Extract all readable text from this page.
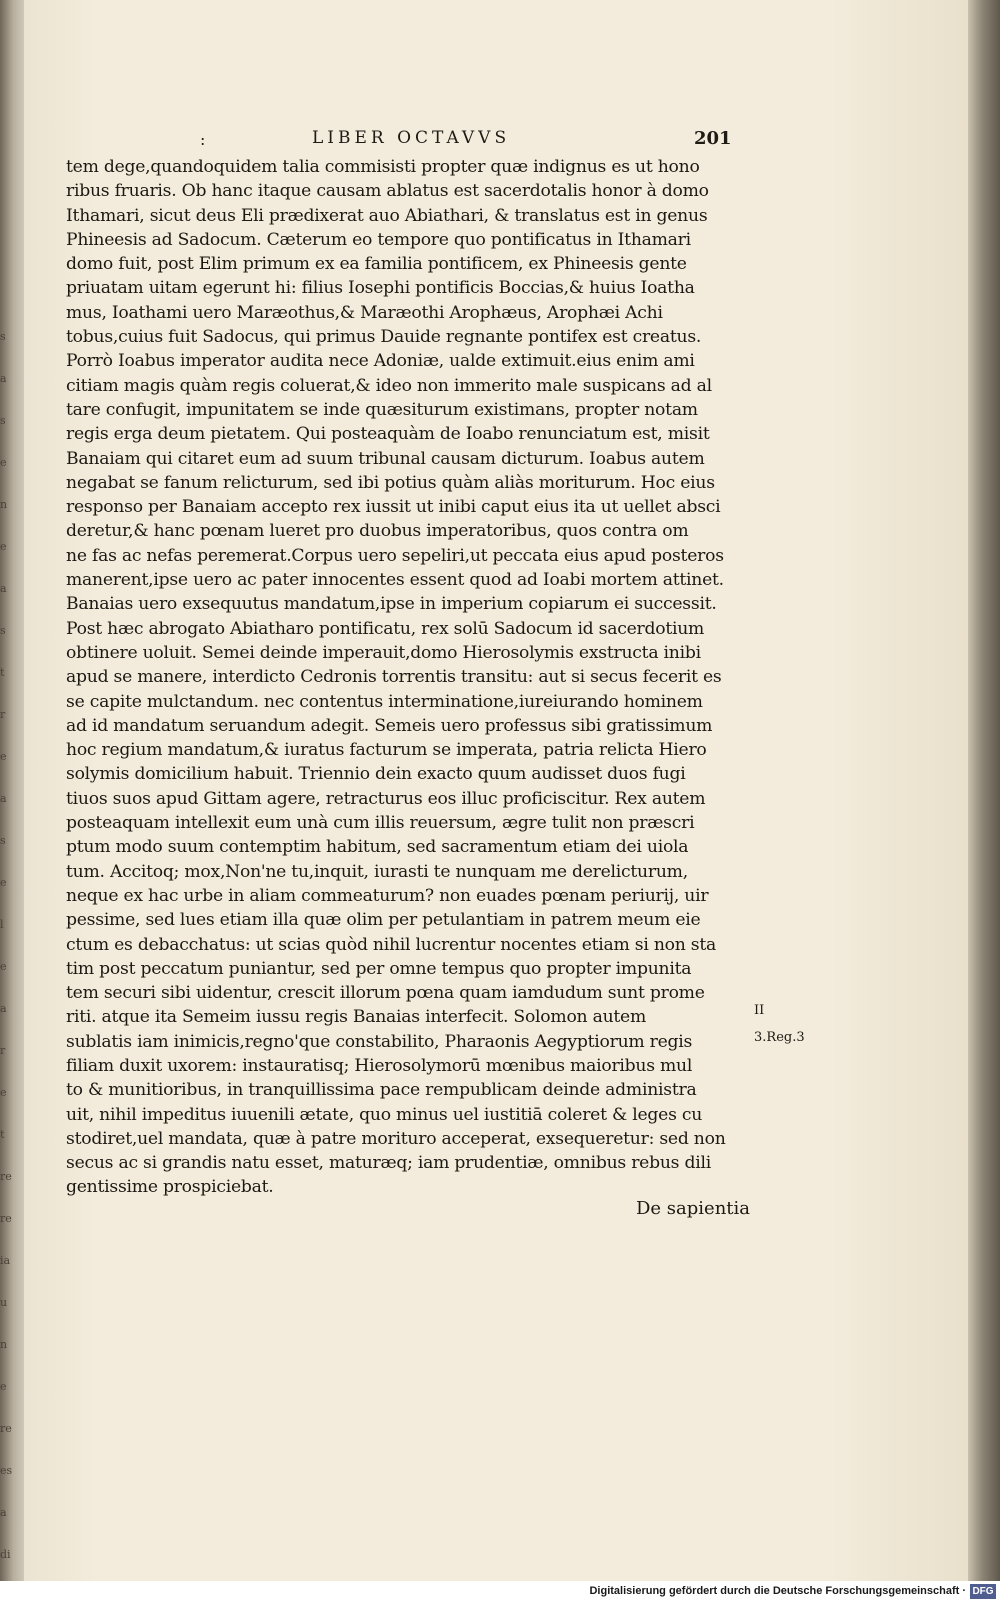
s
a
s
e
n
e
a
s
t
r
e
a
s
e
l
e
a
r
e
t
re
re
ia
u
n
e
re
es
a
di
:	LIBER OCTAVVS	201
tem dege,quandoquidem talia commisisti propter quæ indignus es ut hono
ribus fruaris. Ob hanc itaque causam ablatus est sacerdotalis honor à domo
Ithamari, sicut deus Eli prædixerat auo Abiathari, & translatus est in genus
Phineesis ad Sadocum. Cæterum eo tempore quo pontificatus in Ithamari
domo fuit, post Elim primum ex ea familia pontificem, ex Phineesis gente
priuatam uitam egerunt hi: filius Iosephi pontificis Boccias,& huius Ioatha
mus, Ioathami uero Maræothus,& Maræothi Arophæus, Arophæi Achi
tobus,cuius fuit Sadocus, qui primus Dauide regnante pontifex est creatus.
Porrò Ioabus imperator audita nece Adoniæ, ualde extimuit.eius enim ami
citiam magis quàm regis coluerat,& ideo non immerito male suspicans ad al
tare confugit, impunitatem se inde quæsiturum existimans, propter notam
regis erga deum pietatem. Qui posteaquàm de Ioabo renunciatum est, misit
Banaiam qui citaret eum ad suum tribunal causam dicturum. Ioabus autem
negabat se fanum relicturum, sed ibi potius quàm aliàs moriturum. Hoc eius
responso per Banaiam accepto rex iussit ut inibi caput eius ita ut uellet absci
deretur,& hanc pœnam lueret pro duobus imperatoribus, quos contra om
ne fas ac nefas peremerat.Corpus uero sepeliri,ut peccata eius apud posteros
manerent,ipse uero ac pater innocentes essent quod ad Ioabi mortem attinet.
Banaias uero exsequutus mandatum,ipse in imperium copiarum ei successit.
Post hæc abrogato Abiatharo pontificatu, rex solū Sadocum id sacerdotium
obtinere uoluit. Semei deinde imperauit,domo Hierosolymis exstructa inibi
apud se manere, interdicto Cedronis torrentis transitu: aut si secus fecerit es
se capite mulctandum. nec contentus interminatione,iureiurando hominem
ad id mandatum seruandum adegit. Semeis uero professus sibi gratissimum
hoc regium mandatum,& iuratus facturum se imperata, patria relicta Hiero
solymis domicilium habuit. Triennio dein exacto quum audisset duos fugi
tiuos suos apud Gittam agere, retracturus eos illuc proficiscitur. Rex autem
posteaquam intellexit eum unà cum illis reuersum, ægre tulit non præscri
ptum modo suum contemptim habitum, sed sacramentum etiam dei uiola
tum. Accitoq; mox,Non'ne tu,inquit, iurasti te nunquam me derelicturum,
neque ex hac urbe in aliam commeaturum? non euades pœnam periurij, uir
pessime, sed lues etiam illa quæ olim per petulantiam in patrem meum eie
ctum es debacchatus: ut scias quòd nihil lucrentur nocentes etiam si non sta
tim post peccatum puniantur, sed per omne tempus quo propter impunita
tem securi sibi uidentur, crescit illorum pœna quam iamdudum sunt prome
riti. atque ita Semeim iussu regis Banaias interfecit. Solomon autem
sublatis iam inimicis,regno'que constabilito, Pharaonis Aegyptiorum regis
filiam duxit uxorem: instauratisq; Hierosolymorū mœnibus maioribus mul
to & munitioribus, in tranquillissima pace rempublicam deinde administra
uit, nihil impeditus iuuenili ætate, quo minus uel iustitiā coleret & leges cu
stodiret,uel mandata, quæ à patre morituro acceperat, exsequeretur: sed non
secus ac si grandis natu esset, maturæq; iam prudentiæ, omnibus rebus dili
gentissime prospiciebat.
II
3.Reg.3
De sapientia
Digitalisierung gefördert durch die Deutsche Forschungsgemeinschaft · DFG
